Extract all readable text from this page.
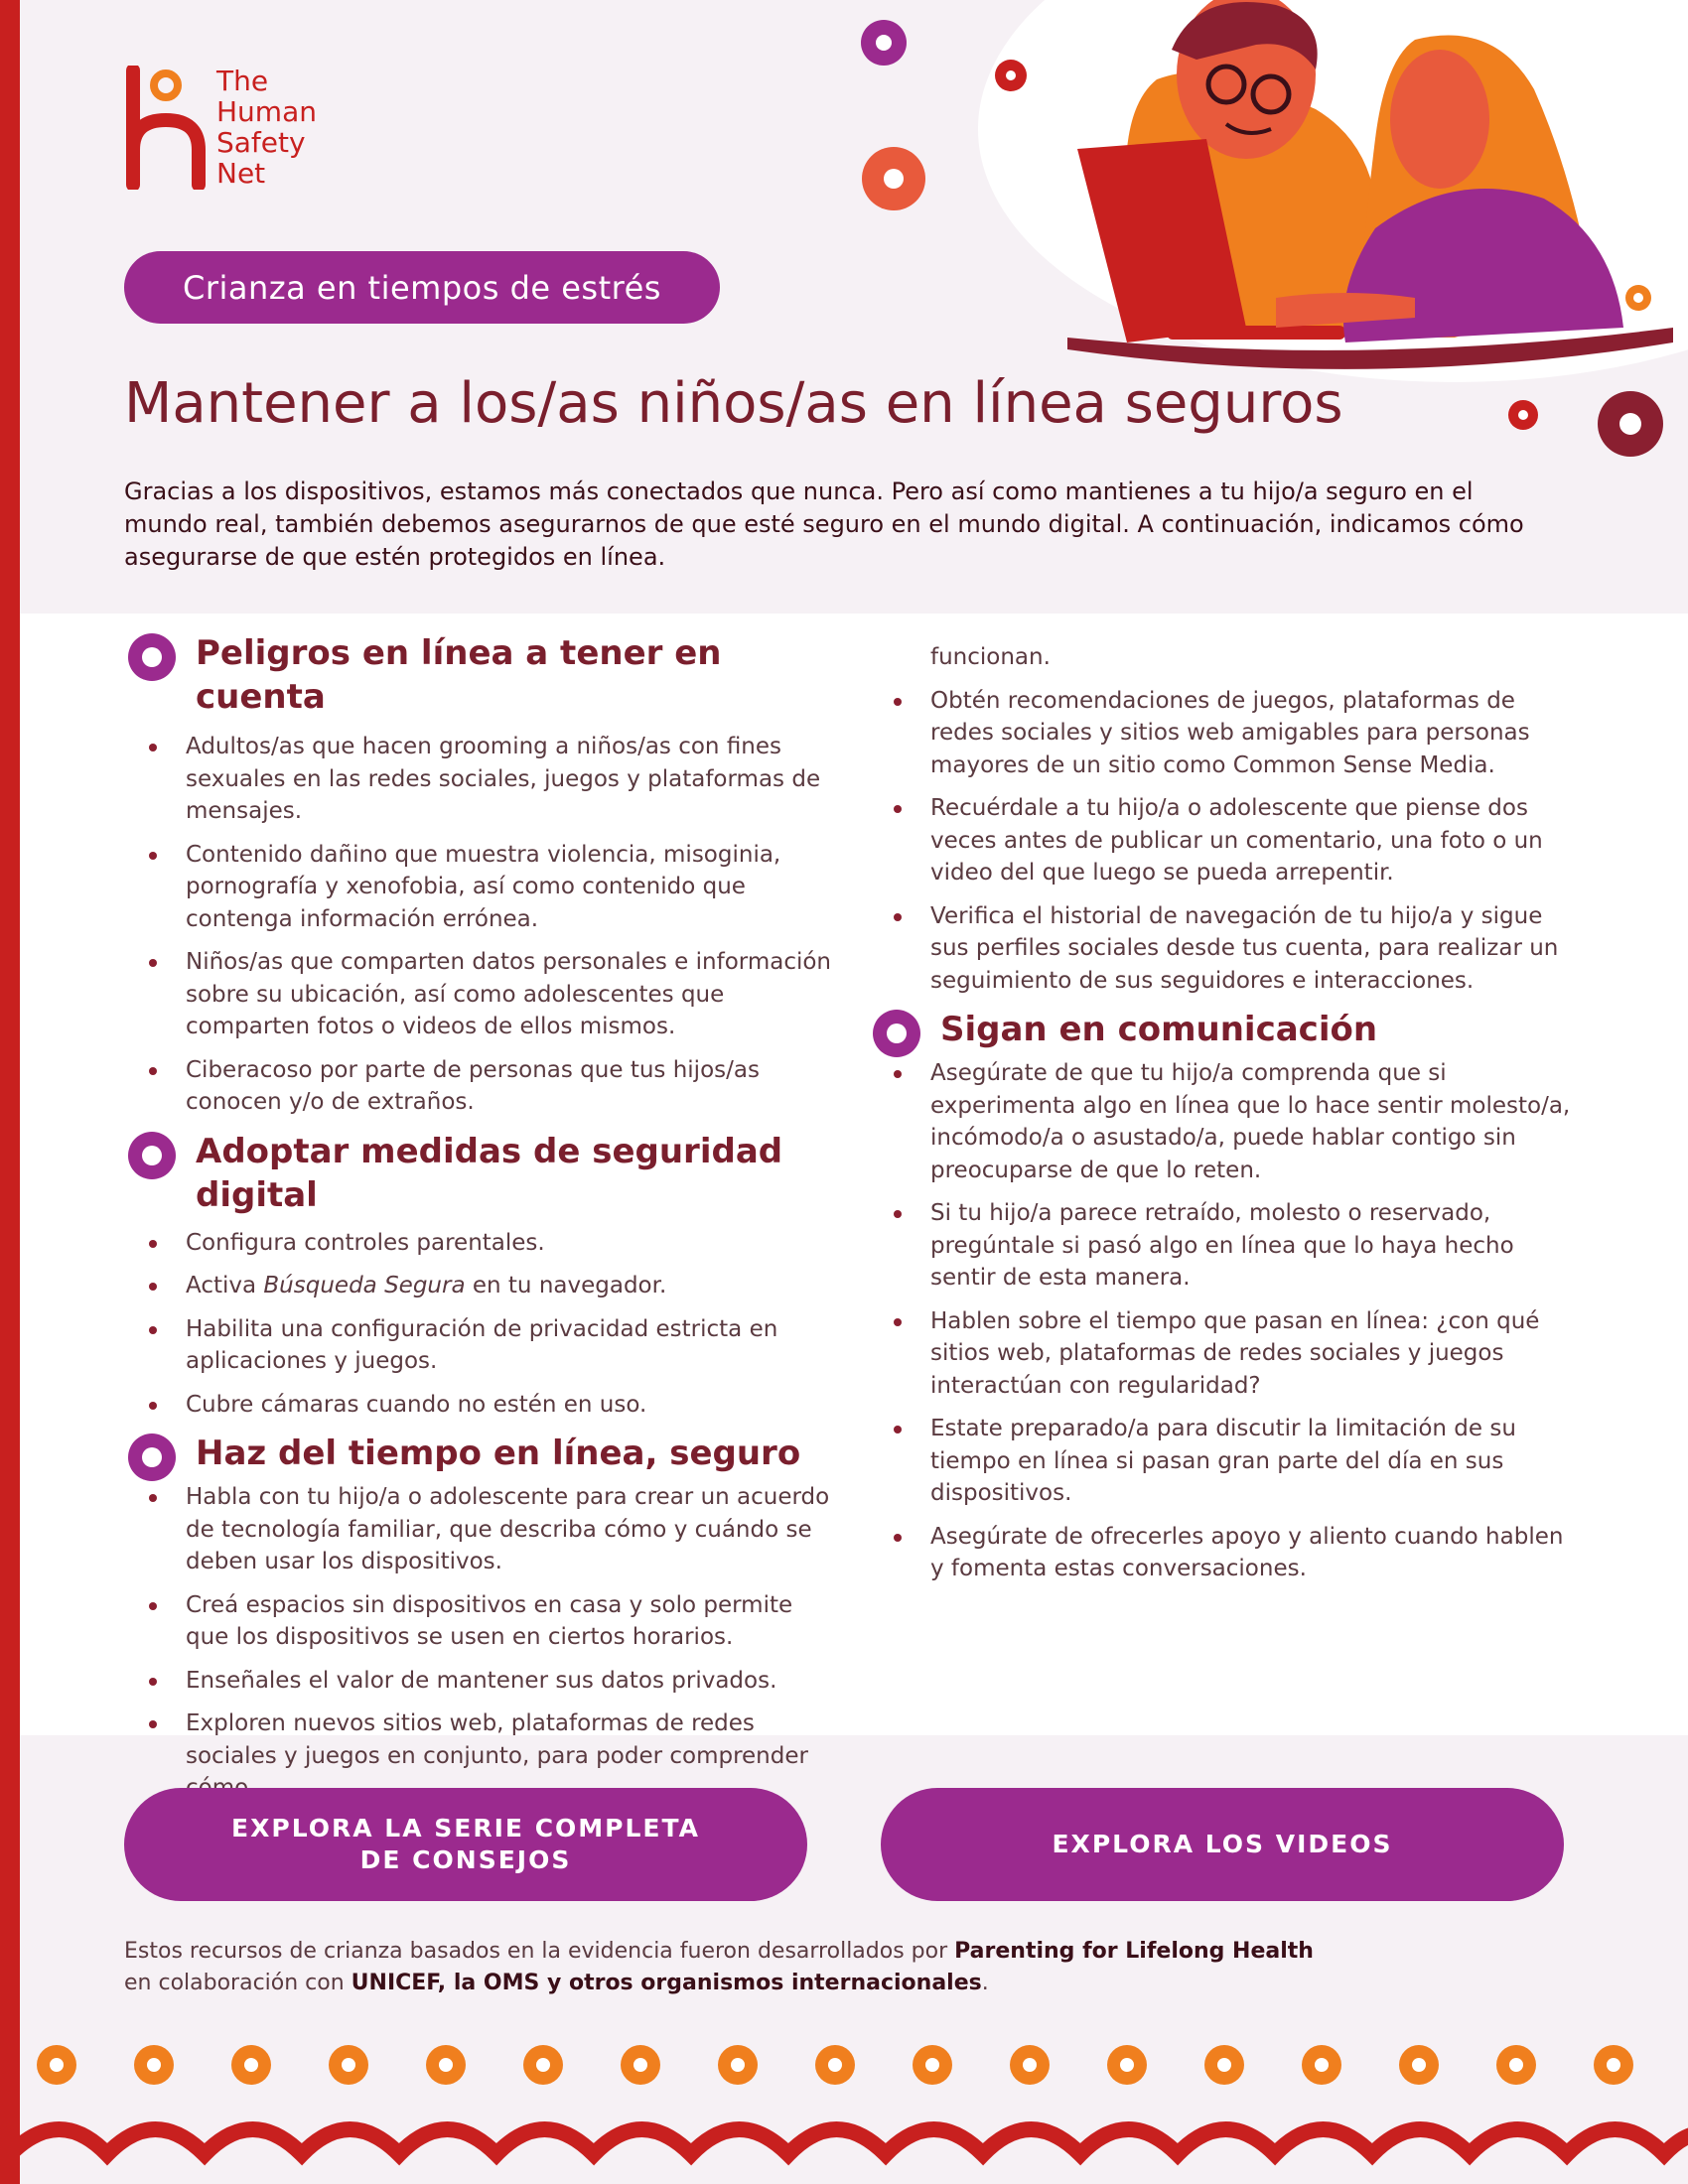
The
Human
Safety
Net
Crianza en tiempos de estrés
Mantener a los/as niños/as en línea seguros

Gracias a los dispositivos, estamos más conectados que nunca. Pero así como mantienes a tu hijo/a seguro en el mundo real, también debemos asegurarnos de que esté seguro en el mundo digital. A continuación, indicamos cómo asegurarse de que estén protegidos en línea.

Peligros en línea a tener en cuenta
Adultos/as que hacen grooming a niños/as con fines sexuales en las redes sociales, juegos y plataformas de mensajes.
Contenido dañino que muestra violencia, misoginia, pornografía y xenofobia, así como contenido que contenga información errónea.
Niños/as que comparten datos personales e información sobre su ubicación, así como adolescentes que comparten fotos o videos de ellos mismos.
Ciberacoso por parte de personas que tus hijos/as conocen y/o de extraños.
Adoptar medidas de seguridad digital
Configura controles parentales.
Activa Búsqueda Segura en tu navegador.
Habilita una configuración de privacidad estricta en aplicaciones y juegos.
Cubre cámaras cuando no estén en uso.
Haz del tiempo en línea, seguro
Habla con tu hijo/a o adolescente para crear un acuerdo de tecnología familiar, que describa cómo y cuándo se deben usar los dispositivos.
Creá espacios sin dispositivos en casa y solo permite que los dispositivos se usen en ciertos horarios.
Enseñales el valor de mantener sus datos privados.
Exploren nuevos sitios web, plataformas de redes sociales y juegos en conjunto, para poder comprender
funcionan.
Obtén recomendaciones de juegos, plataformas de redes sociales y sitios web amigables para personas mayores de un sitio como Common Sense Media.
Recuérdale a tu hijo/a o adolescente que piense dos veces antes de publicar un comentario, una foto o un video del que luego se pueda arrepentir.
Verifica el historial de navegación de tu hijo/a y sigue sus perfiles sociales desde tus cuenta, para realizar un seguimiento de sus seguidores e interacciones.
Sigan en comunicación
Asegúrate de que tu hijo/a comprenda que si experimenta algo en línea que lo hace sentir molesto/a, incómodo/a o asustado/a, puede hablar contigo sin preocuparse de que lo reten.
Si tu hijo/a parece retraído, molesto o reservado, pregúntale si pasó algo en línea que lo haya hecho sentir de esta manera.
Hablen sobre el tiempo que pasan en línea: ¿con qué sitios web, plataformas de redes sociales y juegos interactúan con regularidad?
Estate preparado/a para discutir la limitación de su tiempo en línea si pasan gran parte del día en sus dispositivos.
Asegúrate de ofrecerles apoyo y aliento cuando hablen y fomenta estas conversaciones.
EXPLORA LA SERIE COMPLETA DE CONSEJOS
EXPLORA LOS VIDEOS

Estos recursos de crianza basados en la evidencia fueron desarrollados por Parenting for Lifelong Health en colaboración con UNICEF, la OMS y otros organismos internacionales.
